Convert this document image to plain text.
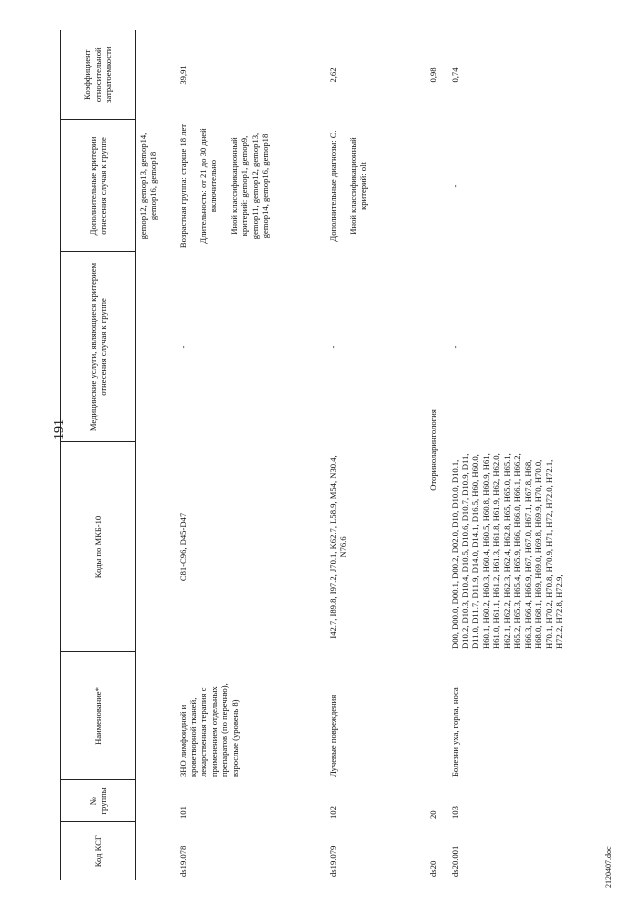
191
2120407.doc
Код КСГ	№ группы	Наименование*	Коды по МКБ-10	Медицинские услуги, являющиеся критерием отнесения случая к группе	Дополнительные критерии отнесения случая к группе	Коэффициент относительной затратоемкости
					gemop12, gemop13, gemop14, gemop16, gemop18	
ds19.078	101	ЗНО лимфоидной и кроветворной тканей, лекарственная терапия с применением отдельных препаратов (по перечню), взрослые (уровень 8)	C81-C96, D45-D47	-	Возрастная группа: старше 18 лет Длительность: от 21 до 30 дней включительно Иной классификационный критерий: gemop1, gemop9, gemop11, gemop12, gemop13, gemop14, gemop16, gemop18	39,91
ds19.079	102	Лучевые повреждения	I42.7, I89.8, I97.2, J70.1, K62.7, L58.9, M54, N30.4, N76.6	-	Дополнительные диагнозы: C. Иной классификационный критерий: olt	2,62
ds20	20	Оториноларингология				0,98
ds20.001	103	Болезни уха, горла, носа	D00, D00.0, D00.1, D00.2, D02.0, D10, D10.0, D10.1, D10.2, D10.3, D10.4, D10.5, D10.6, D10.7, D10.9, D11, D11.0, D11.7, D11.9, D14.0, D14.1, D16.5, H60, H60.0, H60.1, H60.2, H60.3, H60.4, H60.5, H60.8, H60.9, H61, H61.0, H61.1, H61.2, H61.3, H61.8, H61.9, H62, H62.0, H62.1, H62.2, H62.3, H62.4, H62.8, H65, H65.0, H65.1, H65.2, H65.3, H65.4, H65.9, H66, H66.0, H66.1, H66.2, H66.3, H66.4, H66.9, H67, H67.0, H67.1, H67.8, H68, H68.0, H68.1, H69, H69.0, H69.8, H69.9, H70, H70.0, H70.1, H70.2, H70.8, H70.9, H71, H72, H72.0, H72.1, H72.2, H72.8, H72.9,	-	-	0,74
